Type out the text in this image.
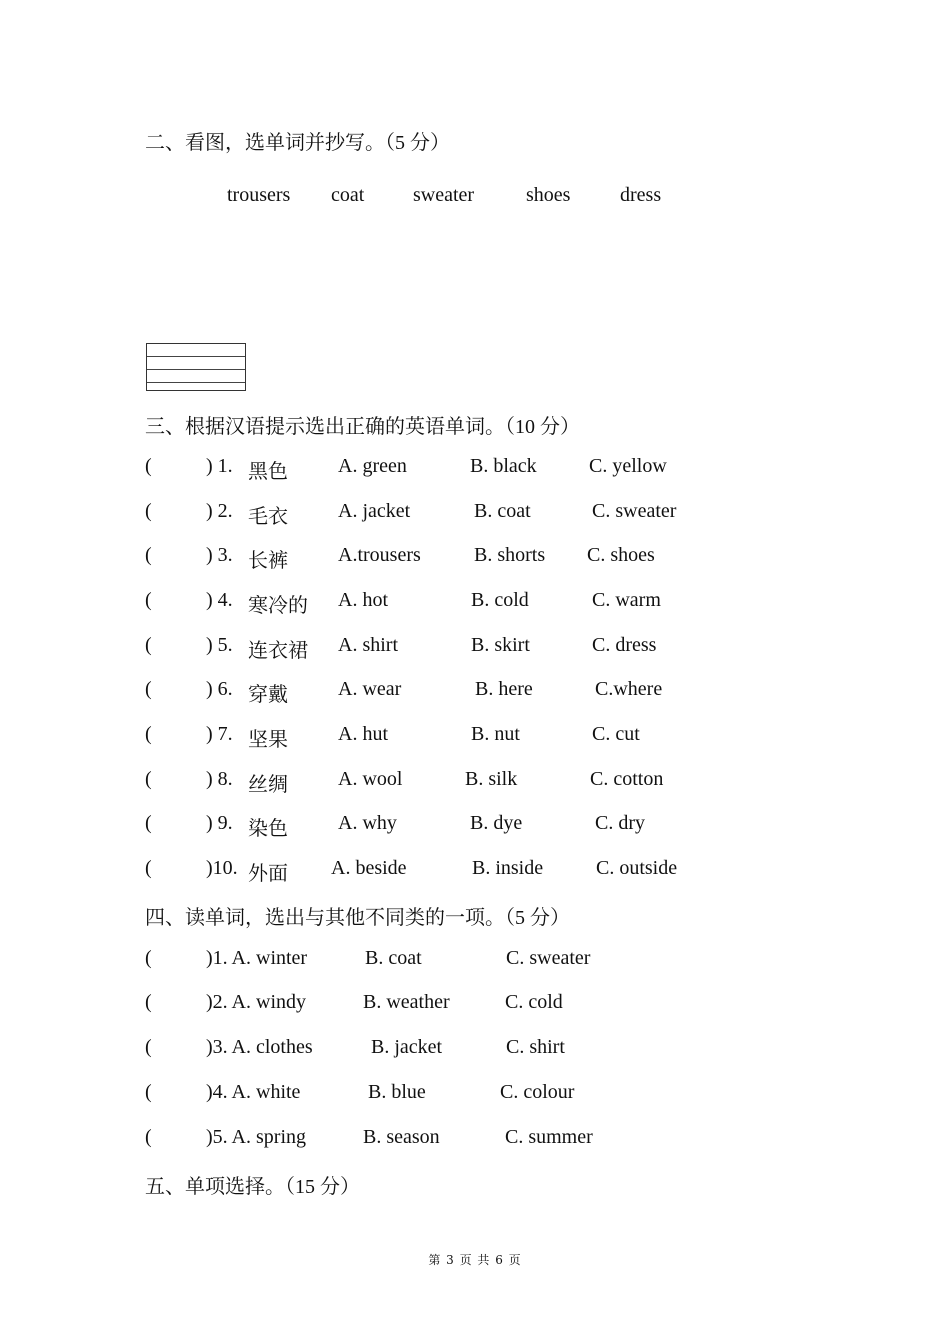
二、看图，选单词并抄写。（5 分）
trousers coat sweater	shoes dress
三、根据汉语提示选出正确的英语单词。（10 分）
(	) 1. 黑色	A. green	B. black	C. yellow
(	) 2. 毛衣	A. jacket	B. coat	C. sweater
(	) 3. 长裤	A.trousers	B. shorts C. shoes
(	) 4. 寒冷的 A. hot	B. cold	C. warm
(	) 5. 连衣裙 A. shirt	B. skirt	C. dress
(	) 6. 穿戴	A. wear	B. here	C.where
(	) 7. 坚果	A. hut	B. nut	C. cut
(	) 8. 丝绸	A. wool	B. silk	C. cotton
(	) 9. 染色	A. why	B. dye	C. dry
(	)10. 外面 A. beside	B. inside	C. outside
四、读单词，选出与其他不同类的一项。（5 分）
(	)1. A. winter	B. coat	C. sweater
(	)2. A. windy	B. weather	C. cold
(	)3. A. clothes	B. jacket	C. shirt
(	)4. A. white	B. blue	C. colour
(	)5. A. spring	B. season	C. summer
五、单项选择。（15 分）
第 3 页 共 6 页
